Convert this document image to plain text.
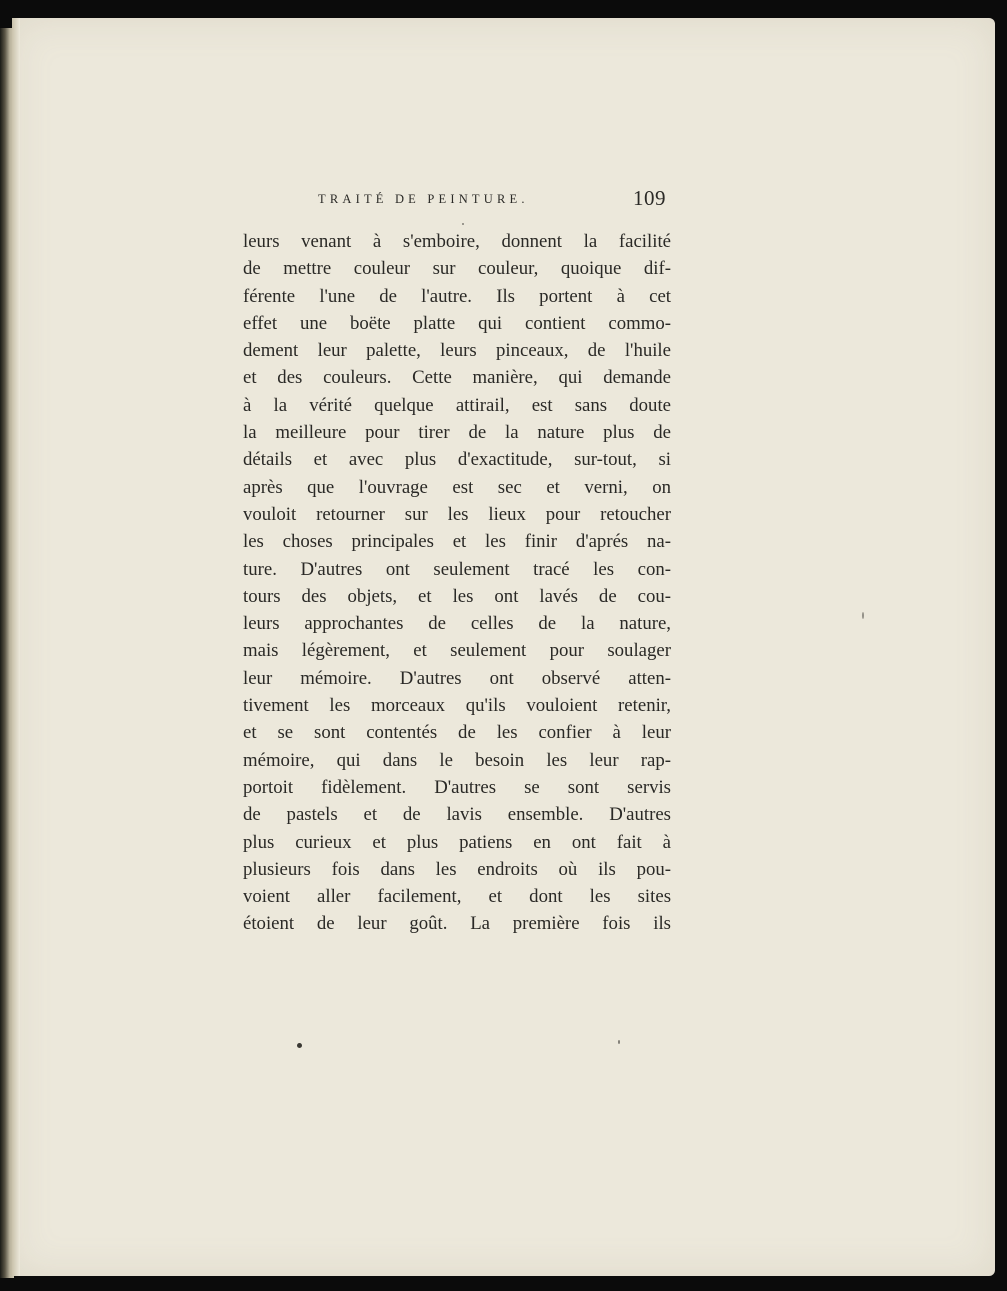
TRAITÉ DE PEINTURE.	109
leurs venant à s'emboire, donnent la facilité
de mettre couleur sur couleur, quoique dif-
férente l'une de l'autre. Ils portent à cet
effet une boëte platte qui contient commo-
dement leur palette, leurs pinceaux, de l'huile
et des couleurs. Cette manière, qui demande
à la vérité quelque attirail, est sans doute
la meilleure pour tirer de la nature plus de
détails et avec plus d'exactitude, sur-tout, si
après que l'ouvrage est sec et verni, on
vouloit retourner sur les lieux pour retoucher
les choses principales et les finir d'aprés na-
ture. D'autres ont seulement tracé les con-
tours des objets, et les ont lavés de cou-
leurs approchantes de celles de la nature,
mais légèrement, et seulement pour soulager
leur mémoire. D'autres ont observé atten-
tivement les morceaux qu'ils vouloient retenir,
et se sont contentés de les confier à leur
mémoire, qui dans le besoin les leur rap-
portoit fidèlement. D'autres se sont servis
de pastels et de lavis ensemble. D'autres
plus curieux et plus patiens en ont fait à
plusieurs fois dans les endroits où ils pou-
voient aller facilement, et dont les sites
étoient de leur goût. La première fois ils
